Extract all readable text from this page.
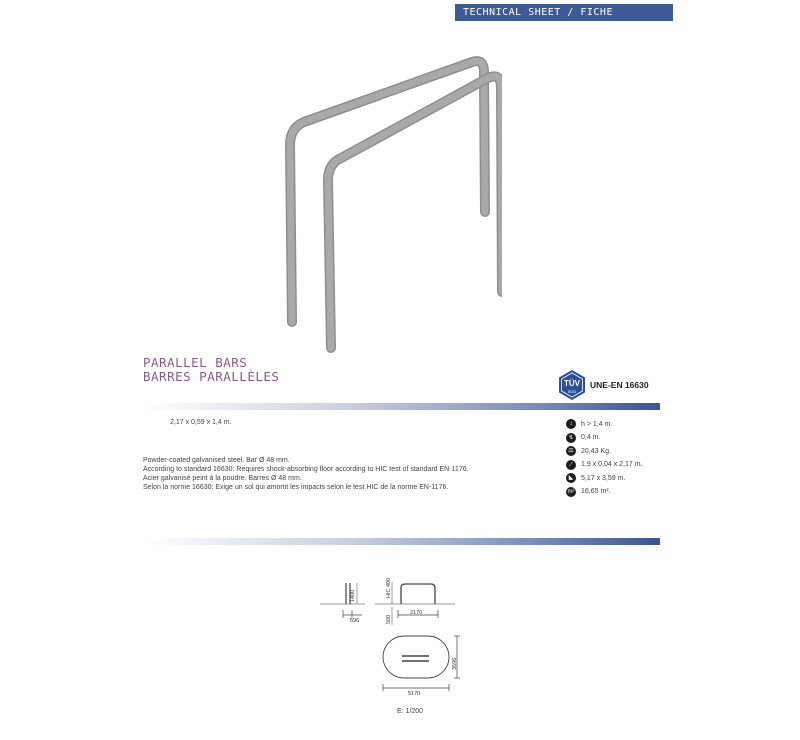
TECHNICAL SHEET / FICHE TECHNIQUE
PARALLEL BARS
BARRES PARALLÈLES	TÜV
SÜD
UNE-EN 16630
2,17 x 0,59 x 1,4 m.
Powder-coated galvanised steel. Bar Ø 48 mm.
According to standard 16630: Requires shock-absorbing floor according to HIC test of standard EN-1176.
Acier galvanisé peint à la poudre. Barres Ø 48 mm.
Selon la norme 16630: Exige un sol qui amortit les impacts selon le test HIC de la norme EN-1176.
↕	h > 1,4 m.
↯	0,4 m.
⚖	20,43 Kg.
⟋	1,9 x 0,04 x 2,17 m.
◣	5,17 x 3,59 m.
m² 16,65 m².
1400
596
HIC 400
500
2170
3596
5170
E: 1/200
